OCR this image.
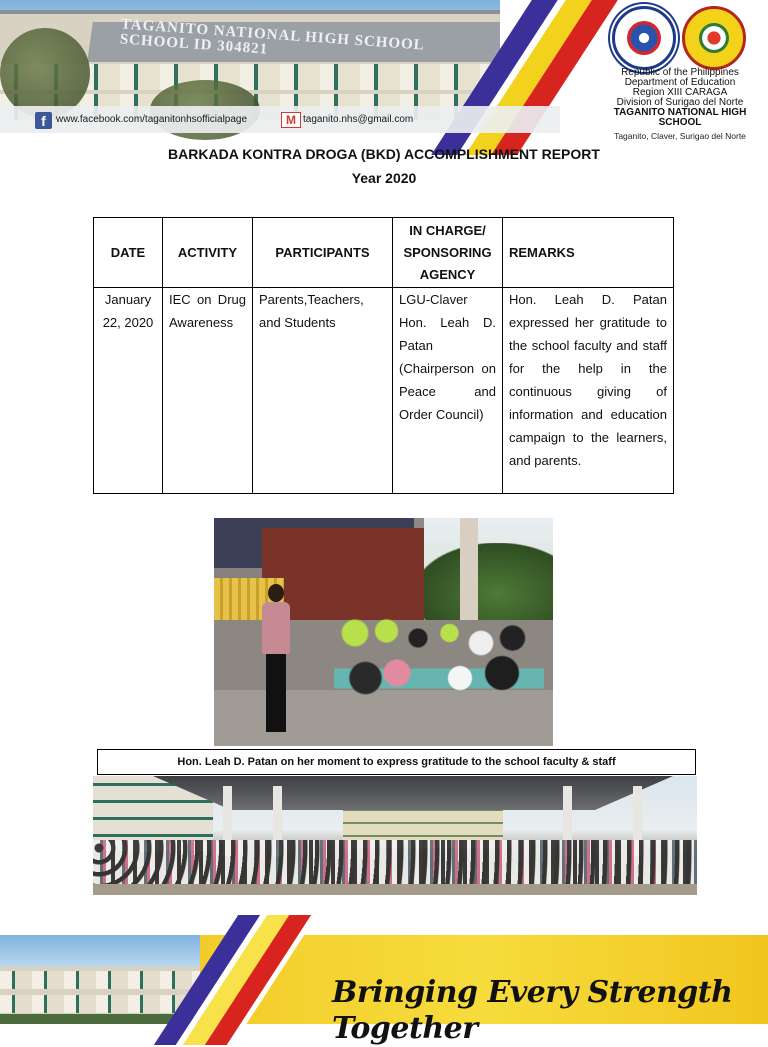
TAGANITO NATIONAL HIGH SCHOOL
SCHOOL ID 304821
f	www.facebook.com/taganitonhsofficialpage	M taganito.nhs@gmail.com
Republic of the Philippines
Department of Education
Region XIII CARAGA
Division of Surigao del Norte
TAGANITO NATIONAL HIGH SCHOOL
Taganito, Claver, Surigao del Norte
BARKADA KONTRA DROGA (BKD) ACCOMPLISHMENT REPORT
Year 2020
DATE	ACTIVITY	PARTICIPANTS	IN CHARGE/ SPONSORING AGENCY	REMARKS
January 22, 2020	IEC on Drug Awareness	Parents,Teachers, and Students	LGU-Claver Hon. Leah D. Patan (Chairperson on Peace and Order Council)	Hon. Leah D. Patan expressed her gratitude to the school faculty and staff for the help in the continuous giving of information and education campaign to the learners, and parents.
Hon. Leah D. Patan on her moment to express gratitude to the school faculty & staff
Bringing Every Strength Together
